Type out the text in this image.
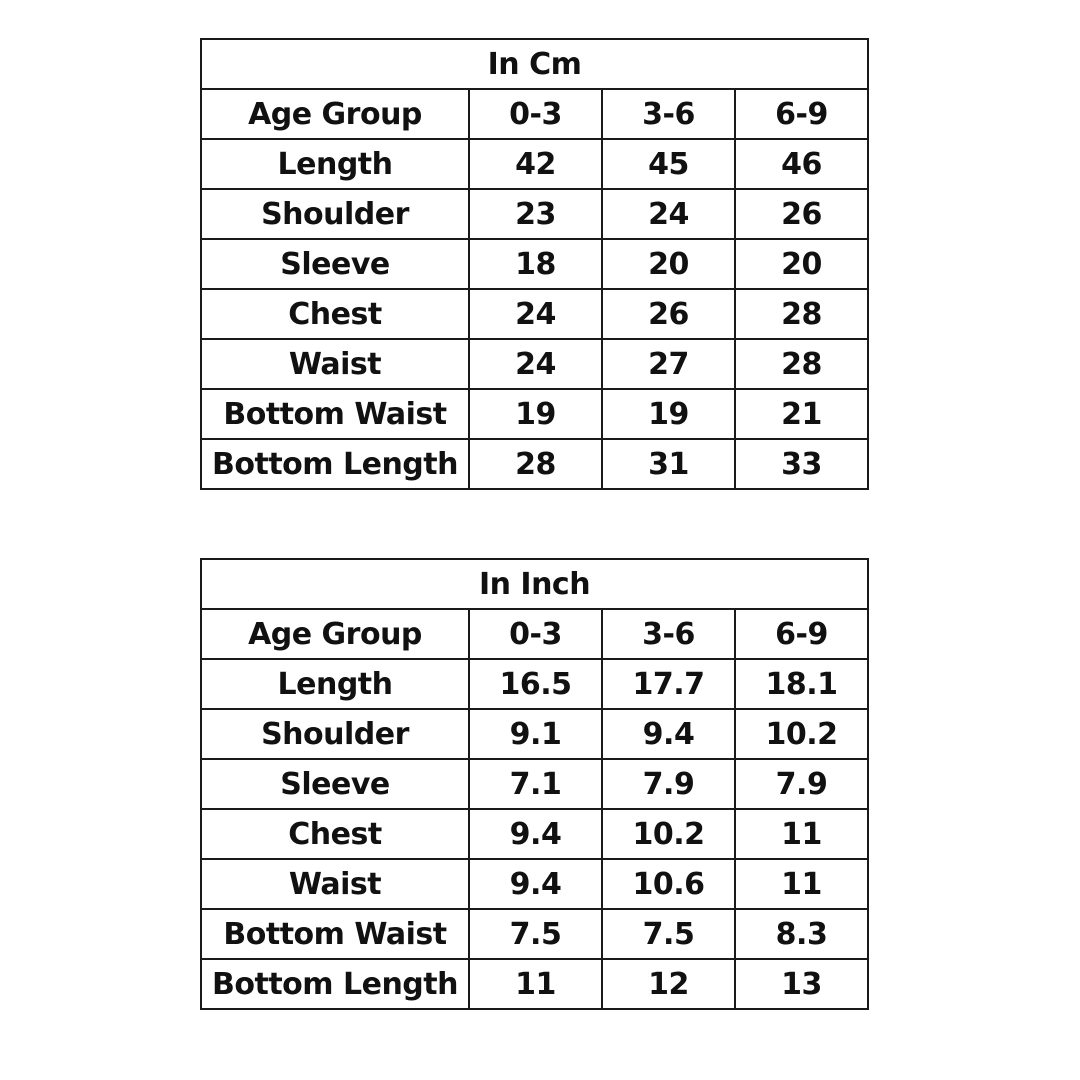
In Cm			
Age Group	0-3	3-6	6-9
Length	42	45	46
Shoulder	23	24	26
Sleeve	18	20	20
Chest	24	26	28
Waist	24	27	28
Bottom Waist	19	19	21
Bottom Length	28	31	33
In Inch			
Age Group	0-3	3-6	6-9
Length	16.5	17.7	18.1
Shoulder	9.1	9.4	10.2
Sleeve	7.1	7.9	7.9
Chest	9.4	10.2	11
Waist	9.4	10.6	11
Bottom Waist	7.5	7.5	8.3
Bottom Length	11	12	13
